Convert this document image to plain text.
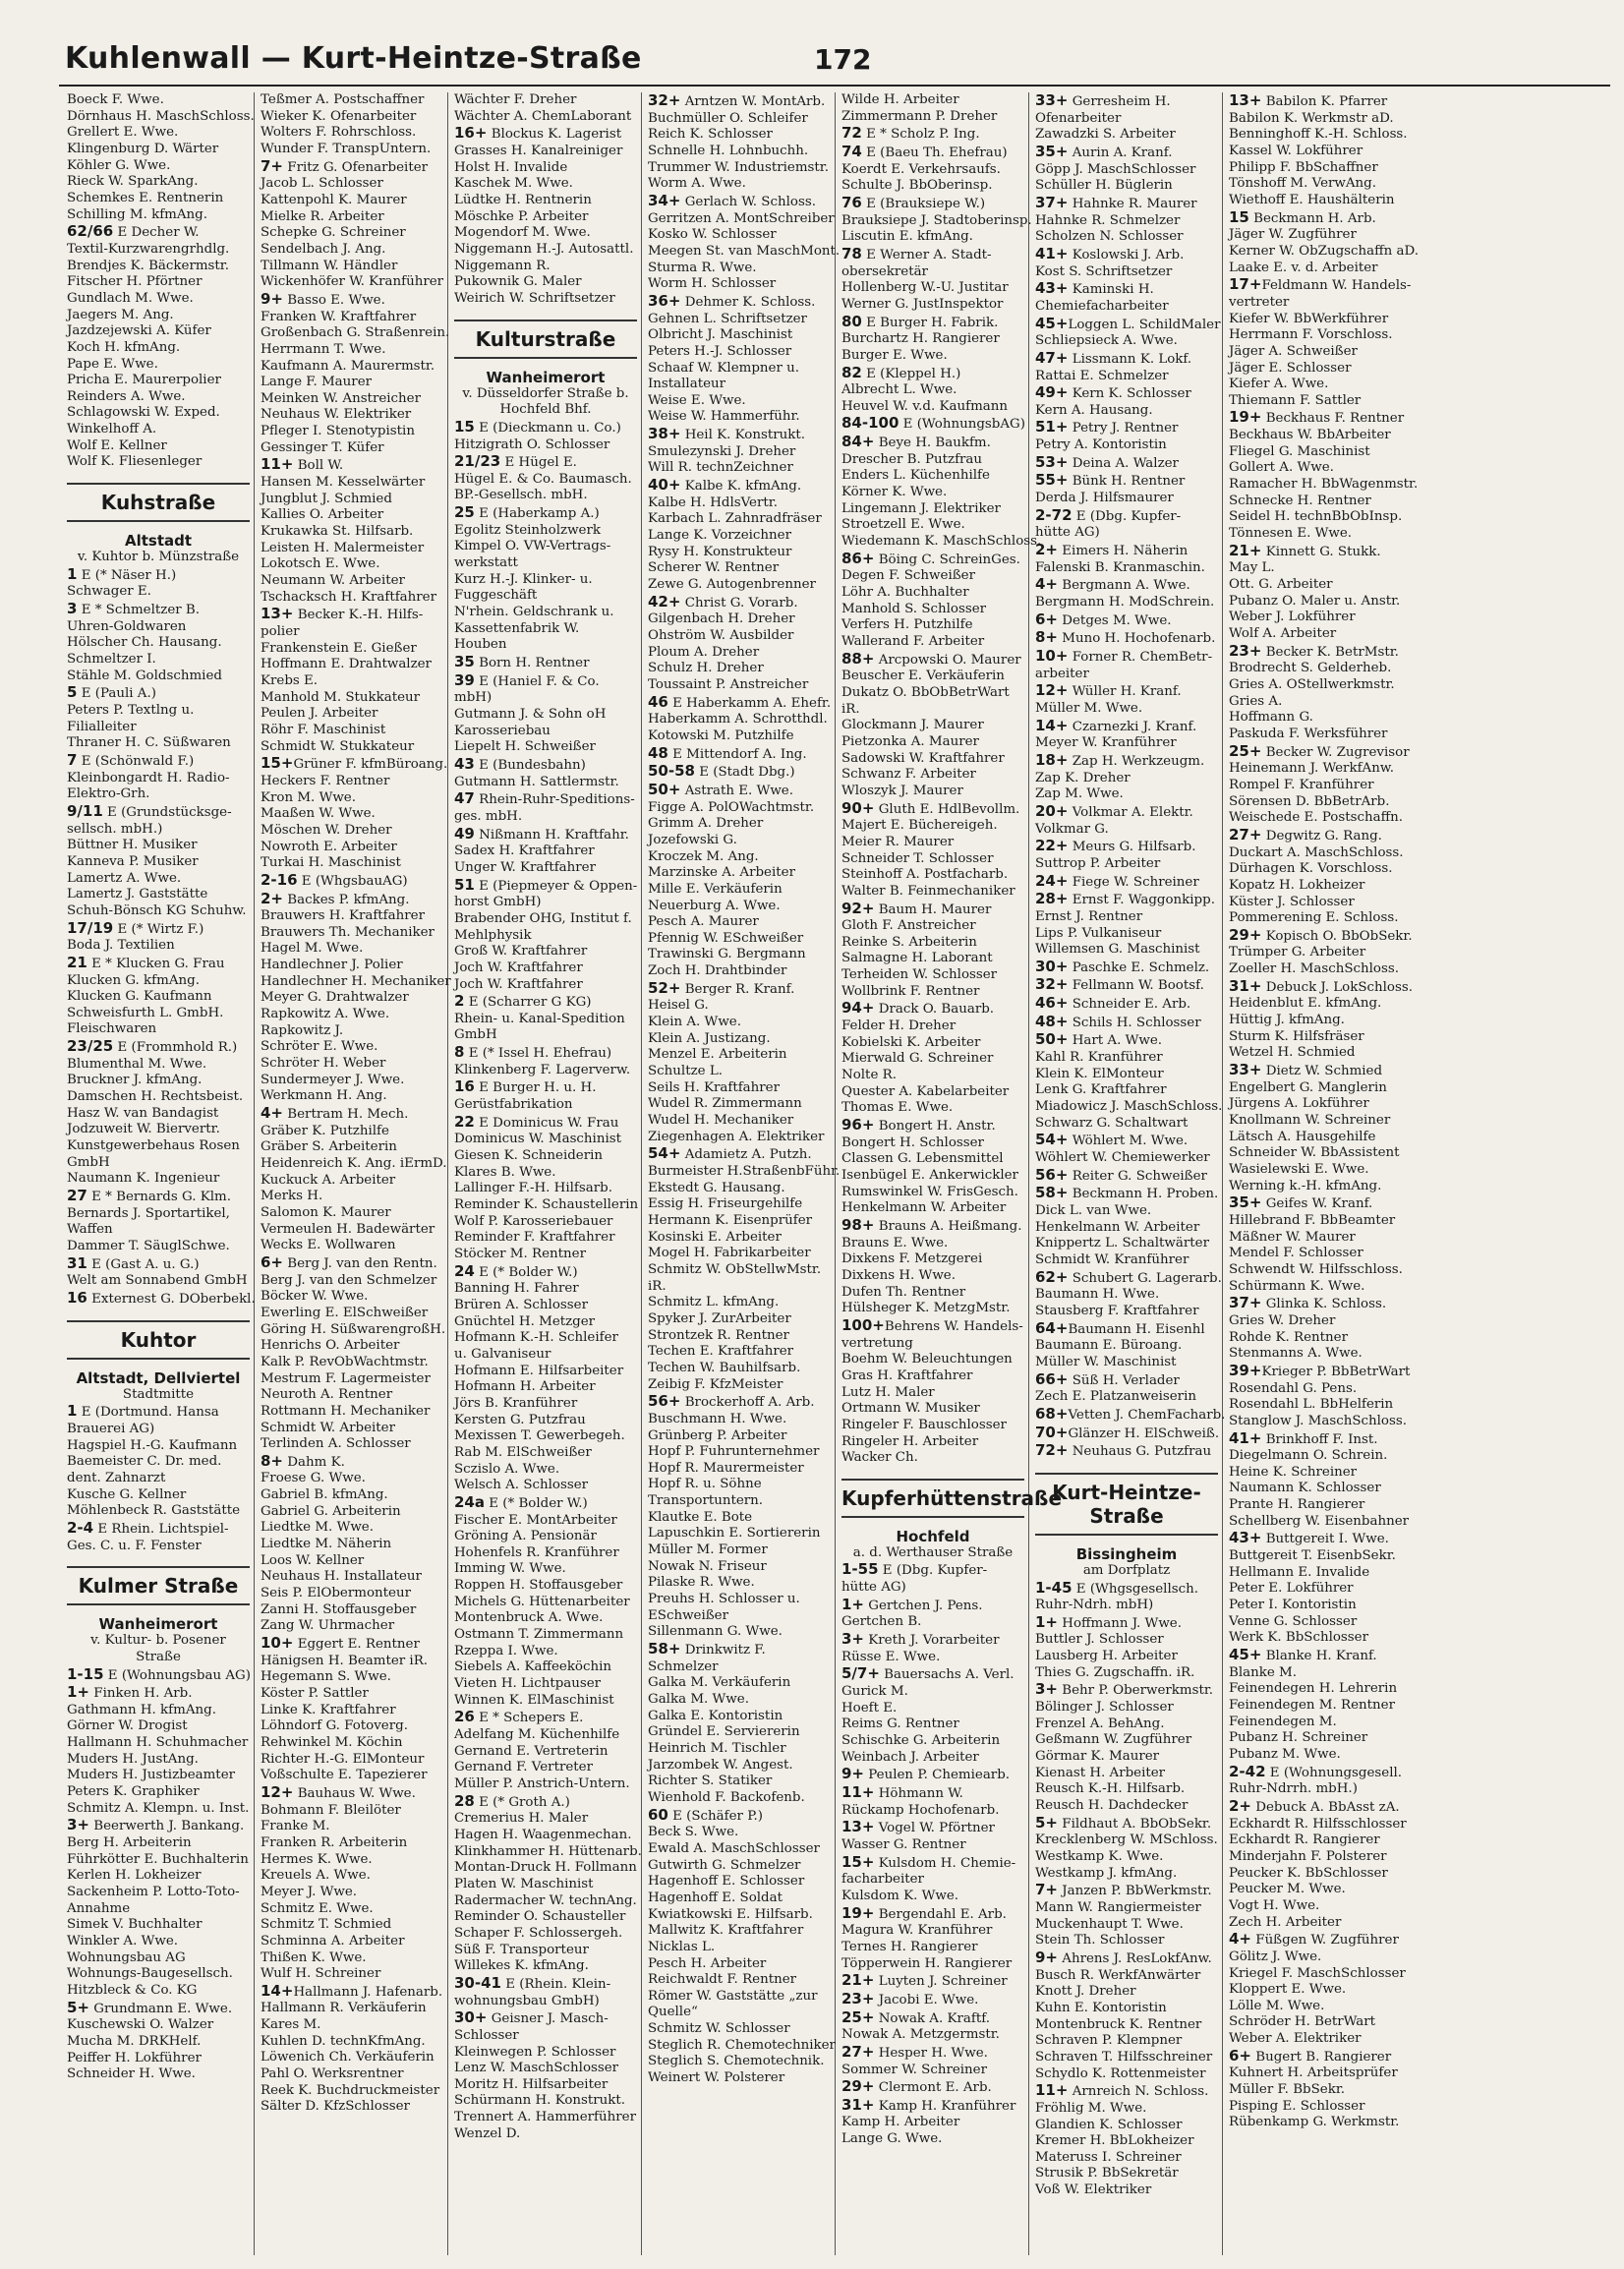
Kuhlenwall — Kurt-Heintze-Straße	172
Boeck F. Wwe.
Dörnhaus H. MaschSchloss.
Grellert E. Wwe.
Klingenburg D. Wärter
Köhler G. Wwe.
Rieck W. SparkAng.
Schemkes E. Rentnerin
Schilling M. kfmAng.
62/66 E Decher W.
Textil-Kurzwarengrhdlg.
Brendjes K. Bäckermstr.
Fitscher H. Pförtner
Gundlach M. Wwe.
Jaegers M. Ang.
Jazdzejewski A. Küfer
Koch H. kfmAng.
Pape E. Wwe.
Pricha E. Maurerpolier
Reinders A. Wwe.
Schlagowski W. Exped.
Winkelhoff A.
Wolf E. Kellner
Wolf K. Fliesenleger
Kuhstraße
Altstadt
v. Kuhtor b. Münzstraße
1 E (* Näser H.)
Schwager E.
3 E * Schmeltzer B.
Uhren-Goldwaren
Hölscher Ch. Hausang.
Schmeltzer I.
Stähle M. Goldschmied
5 E (Pauli A.)
Peters P. Textlng u.
Filialleiter
Thraner H. C. Süßwaren
7 E (Schönwald F.)
Kleinbongardt H. Radio-
Elektro-Grh.
9/11 E (Grundstücksge-
sellsch. mbH.)
Büttner H. Musiker
Kanneva P. Musiker
Lamertz A. Wwe.
Lamertz J. Gaststätte
Schuh-Bönsch KG Schuhw.
17/19 E (* Wirtz F.)
Boda J. Textilien
21 E * Klucken G. Frau
Klucken G. kfmAng.
Klucken G. Kaufmann
Schweisfurth L. GmbH.
Fleischwaren
23/25 E (Frommhold R.)
Blumenthal M. Wwe.
Bruckner J. kfmAng.
Damschen H. Rechtsbeist.
Hasz W. van Bandagist
Jodzuweit W. Biervertr.
Kunstgewerbehaus Rosen
GmbH
Naumann K. Ingenieur
27 E * Bernards G. Klm.
Bernards J. Sportartikel,
Waffen
Dammer T. SäuglSchwe.
31 E (Gast A. u. G.)
Welt am Sonnabend GmbH
16 Externest G. DOberbekl.
Kuhtor
Altstadt, Dellviertel
Stadtmitte
1 E (Dortmund. Hansa
Brauerei AG)
Hagspiel H.-G. Kaufmann
Baemeister C. Dr. med.
dent. Zahnarzt
Kusche G. Kellner
Möhlenbeck R. Gaststätte
2-4 E Rhein. Lichtspiel-
Ges. C. u. F. Fenster
Kulmer Straße
Wanheimerort
v. Kultur- b. Posener Straße
1-15 E (Wohnungsbau AG)
1+ Finken H. Arb.
Gathmann H. kfmAng.
Görner W. Drogist
Hallmann H. Schuhmacher
Muders H. JustAng.
Muders H. Justizbeamter
Peters K. Graphiker
Schmitz A. Klempn. u. Inst.
3+ Beerwerth J. Bankang.
Berg H. Arbeiterin
Führkötter E. Buchhalterin
Kerlen H. Lokheizer
Sackenheim P. Lotto-Toto-
Annahme
Simek V. Buchhalter
Winkler A. Wwe.
Wohnungsbau AG
Wohnungs-Baugesellsch.
Hitzbleck & Co. KG
5+ Grundmann E. Wwe.
Kuschewski O. Walzer
Mucha M. DRKHelf.
Peiffer H. Lokführer
Schneider H. Wwe.
Teßmer A. Postschaffner
Wieker K. Ofenarbeiter
Wolters F. Rohrschloss.
Wunder F. TranspUntern.
7+ Fritz G. Ofenarbeiter
Jacob L. Schlosser
Kattenpohl K. Maurer
Mielke R. Arbeiter
Schepke G. Schreiner
Sendelbach J. Ang.
Tillmann W. Händler
Wickenhöfer W. Kranführer
9+ Basso E. Wwe.
Franken W. Kraftfahrer
Großenbach G. Straßenrein.
Herrmann T. Wwe.
Kaufmann A. Maurermstr.
Lange F. Maurer
Meinken W. Anstreicher
Neuhaus W. Elektriker
Pfleger I. Stenotypistin
Gessinger T. Küfer
11+ Boll W.
Hansen M. Kesselwärter
Jungblut J. Schmied
Kallies O. Arbeiter
Krukawka St. Hilfsarb.
Leisten H. Malermeister
Lokotsch E. Wwe.
Neumann W. Arbeiter
Tschacksch H. Kraftfahrer
13+ Becker K.-H. Hilfs-
polier
Frankenstein E. Gießer
Hoffmann E. Drahtwalzer
Krebs E.
Manhold M. Stukkateur
Peulen J. Arbeiter
Röhr F. Maschinist
Schmidt W. Stukkateur
15+Grüner F. kfmBüroang.
Heckers F. Rentner
Kron M. Wwe.
Maaßen W. Wwe.
Möschen W. Dreher
Nowroth E. Arbeiter
Turkai H. Maschinist
2-16 E (WhgsbauAG)
2+ Backes P. kfmAng.
Brauwers H. Kraftfahrer
Brauwers Th. Mechaniker
Hagel M. Wwe.
Handlechner J. Polier
Handlechner H. Mechaniker
Meyer G. Drahtwalzer
Rapkowitz A. Wwe.
Rapkowitz J.
Schröter E. Wwe.
Schröter H. Weber
Sundermeyer J. Wwe.
Werkmann H. Ang.
4+ Bertram H. Mech.
Gräber K. Putzhilfe
Gräber S. Arbeiterin
Heidenreich K. Ang. iErmD.
Kuckuck A. Arbeiter
Merks H.
Salomon K. Maurer
Vermeulen H. Badewärter
Wecks E. Wollwaren
6+ Berg J. van den Rentn.
Berg J. van den Schmelzer
Böcker W. Wwe.
Ewerling E. ElSchweißer
Göring H. SüßwarengroßH.
Henrichs O. Arbeiter
Kalk P. RevObWachtmstr.
Mestrum F. Lagermeister
Neuroth A. Rentner
Rottmann H. Mechaniker
Schmidt W. Arbeiter
Terlinden A. Schlosser
8+ Dahm K.
Froese G. Wwe.
Gabriel B. kfmAng.
Gabriel G. Arbeiterin
Liedtke M. Wwe.
Liedtke M. Näherin
Loos W. Kellner
Neuhaus H. Installateur
Seis P. ElObermonteur
Zanni H. Stoffausgeber
Zang W. Uhrmacher
10+ Eggert E. Rentner
Hänigsen H. Beamter iR.
Hegemann S. Wwe.
Köster P. Sattler
Linke K. Kraftfahrer
Löhndorf G. Fotoverg.
Rehwinkel M. Köchin
Richter H.-G. ElMonteur
Voßschulte E. Tapezierer
12+ Bauhaus W. Wwe.
Bohmann F. Bleilöter
Franke M.
Franken R. Arbeiterin
Hermes K. Wwe.
Kreuels A. Wwe.
Meyer J. Wwe.
Schmitz E. Wwe.
Schmitz T. Schmied
Schminna A. Arbeiter
Thißen K. Wwe.
Wulf H. Schreiner
14+Hallmann J. Hafenarb.
Hallmann R. Verkäuferin
Kares M.
Kuhlen D. technKfmAng.
Löwenich Ch. Verkäuferin
Pahl O. Werksrentner
Reek K. Buchdruckmeister
Sälter D. KfzSchlosser
Wächter F. Dreher
Wächter A. ChemLaborant
16+ Blockus K. Lagerist
Grasses H. Kanalreiniger
Holst H. Invalide
Kaschek M. Wwe.
Lüdtke H. Rentnerin
Möschke P. Arbeiter
Mogendorf M. Wwe.
Niggemann H.-J. Autosattl.
Niggemann R.
Pukownik G. Maler
Weirich W. Schriftsetzer
Kulturstraße
Wanheimerort
v. Düsseldorfer Straße b. Hochfeld Bhf.
15 E (Dieckmann u. Co.)
Hitzigrath O. Schlosser
21/23 E Hügel E.
Hügel E. & Co. Baumasch.
BP.-Gesellsch. mbH.
25 E (Haberkamp A.)
Egolitz Steinholzwerk
Kimpel O. VW-Vertrags-
werkstatt
Kurz H.-J. Klinker- u.
Fuggeschäft
N'rhein. Geldschrank u.
Kassettenfabrik W.
Houben
35 Born H. Rentner
39 E (Haniel F. & Co.
mbH)
Gutmann J. & Sohn oH
Karosseriebau
Liepelt H. Schweißer
43 E (Bundesbahn)
Gutmann H. Sattlermstr.
47 Rhein-Ruhr-Speditions-
ges. mbH.
49 Nißmann H. Kraftfahr.
Sadex H. Kraftfahrer
Unger W. Kraftfahrer
51 E (Piepmeyer & Oppen-
horst GmbH)
Brabender OHG, Institut f.
Mehlphysik
Groß W. Kraftfahrer
Joch W. Kraftfahrer
Joch W. Kraftfahrer
2 E (Scharrer G KG)
Rhein- u. Kanal-Spedition
GmbH
8 E (* Issel H. Ehefrau)
Klinkenberg F. Lagerverw.
16 E Burger H. u. H.
Gerüstfabrikation
22 E Dominicus W. Frau
Dominicus W. Maschinist
Giesen K. Schneiderin
Klares B. Wwe.
Lallinger F.-H. Hilfsarb.
Reminder K. Schaustellerin
Wolf P. Karosseriebauer
Reminder F. Kraftfahrer
Stöcker M. Rentner
24 E (* Bolder W.)
Banning H. Fahrer
Brüren A. Schlosser
Gnüchtel H. Metzger
Hofmann K.-H. Schleifer
u. Galvaniseur
Hofmann E. Hilfsarbeiter
Hofmann H. Arbeiter
Jörs B. Kranführer
Kersten G. Putzfrau
Mexissen T. Gewerbegeh.
Rab M. ElSchweißer
Sczislo A. Wwe.
Welsch A. Schlosser
24a E (* Bolder W.)
Fischer E. MontArbeiter
Gröning A. Pensionär
Hohenfels R. Kranführer
Imming W. Wwe.
Roppen H. Stoffausgeber
Michels G. Hüttenarbeiter
Montenbruck A. Wwe.
Ostmann T. Zimmermann
Rzeppa I. Wwe.
Siebels A. Kaffeeköchin
Vieten H. Lichtpauser
Winnen K. ElMaschinist
26 E * Schepers E.
Adelfang M. Küchenhilfe
Gernand E. Vertreterin
Gernand F. Vertreter
Müller P. Anstrich-Untern.
28 E (* Groth A.)
Cremerius H. Maler
Hagen H. Waagenmechan.
Klinkhammer H. Hüttenarb.
Montan-Druck H. Follmann
Platen W. Maschinist
Radermacher W. technAng.
Reminder O. Schausteller
Schaper F. Schlossergeh.
Süß F. Transporteur
Willekes K. kfmAng.
30-41 E (Rhein. Klein-
wohnungsbau GmbH)
30+ Geisner J. Masch-
Schlosser
Kleinwegen P. Schlosser
Lenz W. MaschSchlosser
Moritz H. Hilfsarbeiter
Schürmann H. Konstrukt.
Trennert A. Hammerführer
Wenzel D.
32+ Arntzen W. MontArb.
Buchmüller O. Schleifer
Reich K. Schlosser
Schnelle H. Lohnbuchh.
Trummer W. Industriemstr.
Worm A. Wwe.
34+ Gerlach W. Schloss.
Gerritzen A. MontSchreiber
Kosko W. Schlosser
Meegen St. van MaschMont.
Sturma R. Wwe.
Worm H. Schlosser
36+ Dehmer K. Schloss.
Gehnen L. Schriftsetzer
Olbricht J. Maschinist
Peters H.-J. Schlosser
Schaaf W. Klempner u.
Installateur
Weise E. Wwe.
Weise W. Hammerführ.
38+ Heil K. Konstrukt.
Smulezynski J. Dreher
Will R. technZeichner
40+ Kalbe K. kfmAng.
Kalbe H. HdlsVertr.
Karbach L. Zahnradfräser
Lange K. Vorzeichner
Rysy H. Konstrukteur
Scherer W. Rentner
Zewe G. Autogenbrenner
42+ Christ G. Vorarb.
Gilgenbach H. Dreher
Ohström W. Ausbilder
Ploum A. Dreher
Schulz H. Dreher
Toussaint P. Anstreicher
46 E Haberkamm A. Ehefr.
Haberkamm A. Schrotthdl.
Kotowski M. Putzhilfe
48 E Mittendorf A. Ing.
50-58 E (Stadt Dbg.)
50+ Astrath E. Wwe.
Figge A. PolOWachtmstr.
Grimm A. Dreher
Jozefowski G.
Kroczek M. Ang.
Marzinske A. Arbeiter
Mille E. Verkäuferin
Neuerburg A. Wwe.
Pesch A. Maurer
Pfennig W. ESchweißer
Trawinski G. Bergmann
Zoch H. Drahtbinder
52+ Berger R. Kranf.
Heisel G.
Klein A. Wwe.
Klein A. Justizang.
Menzel E. Arbeiterin
Schultze L.
Seils H. Kraftfahrer
Wudel R. Zimmermann
Wudel H. Mechaniker
Ziegenhagen A. Elektriker
54+ Adamietz A. Putzh.
Burmeister H.StraßenbFühr.
Ekstedt G. Hausang.
Essig H. Friseurgehilfe
Hermann K. Eisenprüfer
Kosinski E. Arbeiter
Mogel H. Fabrikarbeiter
Schmitz W. ObStellwMstr.
iR.
Schmitz L. kfmAng.
Spyker J. ZurArbeiter
Strontzek R. Rentner
Techen E. Kraftfahrer
Techen W. Bauhilfsarb.
Zeibig F. KfzMeister
56+ Brockerhoff A. Arb.
Buschmann H. Wwe.
Grünberg P. Arbeiter
Hopf P. Fuhrunternehmer
Hopf R. Maurermeister
Hopf R. u. Söhne
Transportuntern.
Klautke E. Bote
Lapuschkin E. Sortiererin
Müller M. Former
Nowak N. Friseur
Pilaske R. Wwe.
Preuhs H. Schlosser u.
ESchweißer
Sillenmann G. Wwe.
58+ Drinkwitz F.
Schmelzer
Galka M. Verkäuferin
Galka M. Wwe.
Galka E. Kontoristin
Gründel E. Serviererin
Heinrich M. Tischler
Jarzombek W. Angest.
Richter S. Statiker
Wienhold F. Backofenb.
60 E (Schäfer P.)
Beck S. Wwe.
Ewald A. MaschSchlosser
Gutwirth G. Schmelzer
Hagenhoff E. Schlosser
Hagenhoff E. Soldat
Kwiatkowski E. Hilfsarb.
Mallwitz K. Kraftfahrer
Nicklas L.
Pesch H. Arbeiter
Reichwaldt F. Rentner
Römer W. Gaststätte „zur
Quelle“
Schmitz W. Schlosser
Steglich R. Chemotechniker
Steglich S. Chemotechnik.
Weinert W. Polsterer
Wilde H. Arbeiter
Zimmermann P. Dreher
72 E * Scholz P. Ing.
74 E (Baeu Th. Ehefrau)
Koerdt E. Verkehrsaufs.
Schulte J. BbOberinsp.
76 E (Brauksiepe W.)
Brauksiepe J. Stadtoberinsp.
Liscutin E. kfmAng.
78 E Werner A. Stadt-
obersekretär
Hollenberg W.-U. Justitar
Werner G. JustInspektor
80 E Burger H. Fabrik.
Burchartz H. Rangierer
Burger E. Wwe.
82 E (Kleppel H.)
Albrecht L. Wwe.
Heuvel W. v.d. Kaufmann
84-100 E (WohnungsbAG)
84+ Beye H. Baukfm.
Drescher B. Putzfrau
Enders L. Küchenhilfe
Körner K. Wwe.
Lingemann J. Elektriker
Stroetzell E. Wwe.
Wiedemann K. MaschSchloss.
86+ Böing C. SchreinGes.
Degen F. Schweißer
Löhr A. Buchhalter
Manhold S. Schlosser
Verfers H. Putzhilfe
Wallerand F. Arbeiter
88+ Arcpowski O. Maurer
Beuscher E. Verkäuferin
Dukatz O. BbObBetrWart
iR.
Glockmann J. Maurer
Pietzonka A. Maurer
Sadowski W. Kraftfahrer
Schwanz F. Arbeiter
Wloszyk J. Maurer
90+ Gluth E. HdlBevollm.
Majert E. Büchereigeh.
Meier R. Maurer
Schneider T. Schlosser
Steinhoff A. Postfacharb.
Walter B. Feinmechaniker
92+ Baum H. Maurer
Gloth F. Anstreicher
Reinke S. Arbeiterin
Salmagne H. Laborant
Terheiden W. Schlosser
Wollbrink F. Rentner
94+ Drack O. Bauarb.
Felder H. Dreher
Kobielski K. Arbeiter
Mierwald G. Schreiner
Nolte R.
Quester A. Kabelarbeiter
Thomas E. Wwe.
96+ Bongert H. Anstr.
Bongert H. Schlosser
Classen G. Lebensmittel
Isenbügel E. Ankerwickler
Rumswinkel W. FrisGesch.
Henkelmann W. Arbeiter
98+ Brauns A. Heißmang.
Brauns E. Wwe.
Dixkens F. Metzgerei
Dixkens H. Wwe.
Dufen Th. Rentner
Hülsheger K. MetzgMstr.
100+Behrens W. Handels-
vertretung
Boehm W. Beleuchtungen
Gras H. Kraftfahrer
Lutz H. Maler
Ortmann W. Musiker
Ringeler F. Bauschlosser
Ringeler H. Arbeiter
Wacker Ch.
Kupferhüttenstraße
Hochfeld
a. d. Werthauser Straße
1-55 E (Dbg. Kupfer-
hütte AG)
1+ Gertchen J. Pens.
Gertchen B.
3+ Kreth J. Vorarbeiter
Rüsse E. Wwe.
5/7+ Bauersachs A. Verl.
Gurick M.
Hoeft E.
Reims G. Rentner
Schischke G. Arbeiterin
Weinbach J. Arbeiter
9+ Peulen P. Chemiearb.
11+ Höhmann W.
Rückamp Hochofenarb.
13+ Vogel W. Pförtner
Wasser G. Rentner
15+ Kulsdom H. Chemie-
facharbeiter
Kulsdom K. Wwe.
19+ Bergendahl E. Arb.
Magura W. Kranführer
Ternes H. Rangierer
Töpperwein H. Rangierer
21+ Luyten J. Schreiner
23+ Jacobi E. Wwe.
25+ Nowak A. Kraftf.
Nowak A. Metzgermstr.
27+ Hesper H. Wwe.
Sommer W. Schreiner
29+ Clermont E. Arb.
31+ Kamp H. Kranführer
Kamp H. Arbeiter
Lange G. Wwe.
33+ Gerresheim H.
Ofenarbeiter
Zawadzki S. Arbeiter
35+ Aurin A. Kranf.
Göpp J. MaschSchlosser
Schüller H. Büglerin
37+ Hahnke R. Maurer
Hahnke R. Schmelzer
Scholzen N. Schlosser
41+ Koslowski J. Arb.
Kost S. Schriftsetzer
43+ Kaminski H.
Chemiefacharbeiter
45+Loggen L. SchildMaler
Schliepsieck A. Wwe.
47+ Lissmann K. Lokf.
Rattai E. Schmelzer
49+ Kern K. Schlosser
Kern A. Hausang.
51+ Petry J. Rentner
Petry A. Kontoristin
53+ Deina A. Walzer
55+ Bünk H. Rentner
Derda J. Hilfsmaurer
2-72 E (Dbg. Kupfer-
hütte AG)
2+ Eimers H. Näherin
Falenski B. Kranmaschin.
4+ Bergmann A. Wwe.
Bergmann H. ModSchrein.
6+ Detges M. Wwe.
8+ Muno H. Hochofenarb.
10+ Forner R. ChemBetr-
arbeiter
12+ Wüller H. Kranf.
Müller M. Wwe.
14+ Czarnezki J. Kranf.
Meyer W. Kranführer
18+ Zap H. Werkzeugm.
Zap K. Dreher
Zap M. Wwe.
20+ Volkmar A. Elektr.
Volkmar G.
22+ Meurs G. Hilfsarb.
Suttrop P. Arbeiter
24+ Fiege W. Schreiner
28+ Ernst F. Waggonkipp.
Ernst J. Rentner
Lips P. Vulkaniseur
Willemsen G. Maschinist
30+ Paschke E. Schmelz.
32+ Fellmann W. Bootsf.
46+ Schneider E. Arb.
48+ Schils H. Schlosser
50+ Hart A. Wwe.
Kahl R. Kranführer
Klein K. ElMonteur
Lenk G. Kraftfahrer
Miadowicz J. MaschSchloss.
Schwarz G. Schaltwart
54+ Wöhlert M. Wwe.
Wöhlert W. Chemiewerker
56+ Reiter G. Schweißer
58+ Beckmann H. Proben.
Dick L. van Wwe.
Henkelmann W. Arbeiter
Knippertz L. Schaltwärter
Schmidt W. Kranführer
62+ Schubert G. Lagerarb.
Baumann H. Wwe.
Stausberg F. Kraftfahrer
64+Baumann H. Eisenhl
Baumann E. Büroang.
Müller W. Maschinist
66+ Süß H. Verlader
Zech E. Platzanweiserin
68+Vetten J. ChemFacharb.
70+Glänzer H. ElSchweiß.
72+ Neuhaus G. Putzfrau
Kurt-Heintze-Straße
Bissingheim
am Dorfplatz
1-45 E (Whgsgesellsch.
Ruhr-Ndrh. mbH)
1+ Hoffmann J. Wwe.
Buttler J. Schlosser
Lausberg H. Arbeiter
Thies G. Zugschaffn. iR.
3+ Behr P. Oberwerkmstr.
Bölinger J. Schlosser
Frenzel A. BehAng.
Geßmann W. Zugführer
Görmar K. Maurer
Kienast H. Arbeiter
Reusch K.-H. Hilfsarb.
Reusch H. Dachdecker
5+ Fildhaut A. BbObSekr.
Krecklenberg W. MSchloss.
Westkamp K. Wwe.
Westkamp J. kfmAng.
7+ Janzen P. BbWerkmstr.
Mann W. Rangiermeister
Muckenhaupt T. Wwe.
Stein Th. Schlosser
9+ Ahrens J. ResLokfAnw.
Busch R. WerkfAnwärter
Knott J. Dreher
Kuhn E. Kontoristin
Montenbruck K. Rentner
Schraven P. Klempner
Schraven T. Hilfsschreiner
Schydlo K. Rottenmeister
11+ Arnreich N. Schloss.
Fröhlig M. Wwe.
Glandien K. Schlosser
Kremer H. BbLokheizer
Materuss I. Schreiner
Strusik P. BbSekretär
Voß W. Elektriker
13+ Babilon K. Pfarrer
Babilon K. Werkmstr aD.
Benninghoff K.-H. Schloss.
Kassel W. Lokführer
Philipp F. BbSchaffner
Tönshoff M. VerwAng.
Wiethoff E. Haushälterin
15 Beckmann H. Arb.
Jäger W. Zugführer
Kerner W. ObZugschaffn aD.
Laake E. v. d. Arbeiter
17+Feldmann W. Handels-
vertreter
Kiefer W. BbWerkführer
Herrmann F. Vorschloss.
Jäger A. Schweißer
Jäger E. Schlosser
Kiefer A. Wwe.
Thiemann F. Sattler
19+ Beckhaus F. Rentner
Beckhaus W. BbArbeiter
Fliegel G. Maschinist
Gollert A. Wwe.
Ramacher H. BbWagenmstr.
Schnecke H. Rentner
Seidel H. technBbObInsp.
Tönnesen E. Wwe.
21+ Kinnett G. Stukk.
May L.
Ott. G. Arbeiter
Pubanz O. Maler u. Anstr.
Weber J. Lokführer
Wolf A. Arbeiter
23+ Becker K. BetrMstr.
Brodrecht S. Gelderheb.
Gries A. OStellwerkmstr.
Gries A.
Hoffmann G.
Paskuda F. Werksführer
25+ Becker W. Zugrevisor
Heinemann J. WerkfAnw.
Rompel F. Kranführer
Sörensen D. BbBetrArb.
Weischede E. Postschaffn.
27+ Degwitz G. Rang.
Duckart A. MaschSchloss.
Dürhagen K. Vorschloss.
Kopatz H. Lokheizer
Küster J. Schlosser
Pommerening E. Schloss.
29+ Kopisch O. BbObSekr.
Trümper G. Arbeiter
Zoeller H. MaschSchloss.
31+ Debuck J. LokSchloss.
Heidenblut E. kfmAng.
Hüttig J. kfmAng.
Sturm K. Hilfsfräser
Wetzel H. Schmied
33+ Dietz W. Schmied
Engelbert G. Manglerin
Jürgens A. Lokführer
Knollmann W. Schreiner
Lätsch A. Hausgehilfe
Schneider W. BbAssistent
Wasielewski E. Wwe.
Werning k.-H. kfmAng.
35+ Geifes W. Kranf.
Hillebrand F. BbBeamter
Mäßner W. Maurer
Mendel F. Schlosser
Schwendt W. Hilfsschloss.
Schürmann K. Wwe.
37+ Glinka K. Schloss.
Gries W. Dreher
Rohde K. Rentner
Stenmanns A. Wwe.
39+Krieger P. BbBetrWart
Rosendahl G. Pens.
Rosendahl L. BbHelferin
Stanglow J. MaschSchloss.
41+ Brinkhoff F. Inst.
Diegelmann O. Schrein.
Heine K. Schreiner
Naumann K. Schlosser
Prante H. Rangierer
Schellberg W. Eisenbahner
43+ Buttgereit I. Wwe.
Buttgereit T. EisenbSekr.
Hellmann E. Invalide
Peter E. Lokführer
Peter I. Kontoristin
Venne G. Schlosser
Werk K. BbSchlosser
45+ Blanke H. Kranf.
Blanke M.
Feinendegen H. Lehrerin
Feinendegen M. Rentner
Feinendegen M.
Pubanz H. Schreiner
Pubanz M. Wwe.
2-42 E (Wohnungsgesell.
Ruhr-Ndrrh. mbH.)
2+ Debuck A. BbAsst zA.
Eckhardt R. Hilfsschlosser
Eckhardt R. Rangierer
Minderjahn F. Polsterer
Peucker K. BbSchlosser
Peucker M. Wwe.
Vogt H. Wwe.
Zech H. Arbeiter
4+ Füßgen W. Zugführer
Gölitz J. Wwe.
Kriegel F. MaschSchlosser
Kloppert E. Wwe.
Lölle M. Wwe.
Schröder H. BetrWart
Weber A. Elektriker
6+ Bugert B. Rangierer
Kuhnert H. Arbeitsprüfer
Müller F. BbSekr.
Pisping E. Schlosser
Rübenkamp G. Werkmstr.
